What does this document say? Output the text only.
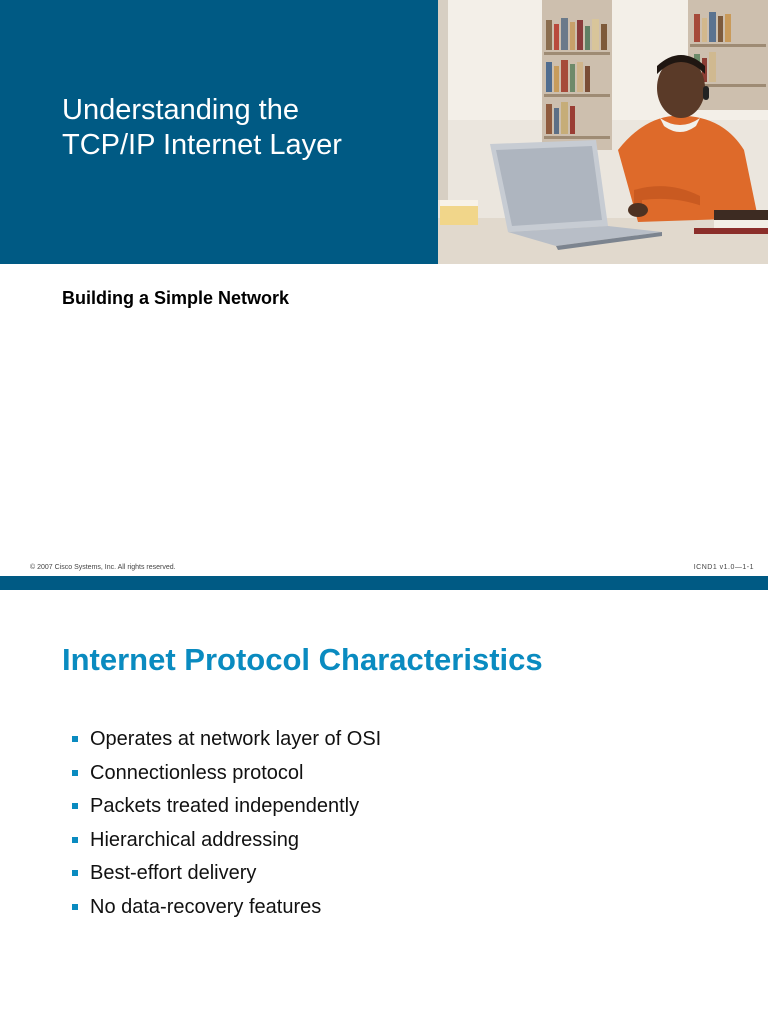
Understanding the TCP/IP Internet Layer
Building a Simple Network
© 2007 Cisco Systems, Inc. All rights reserved.	ICND1 v1.0—1-1
Internet Protocol Characteristics
Operates at network layer of OSI
Connectionless protocol
Packets treated independently
Hierarchical addressing
Best-effort delivery
No data-recovery features
